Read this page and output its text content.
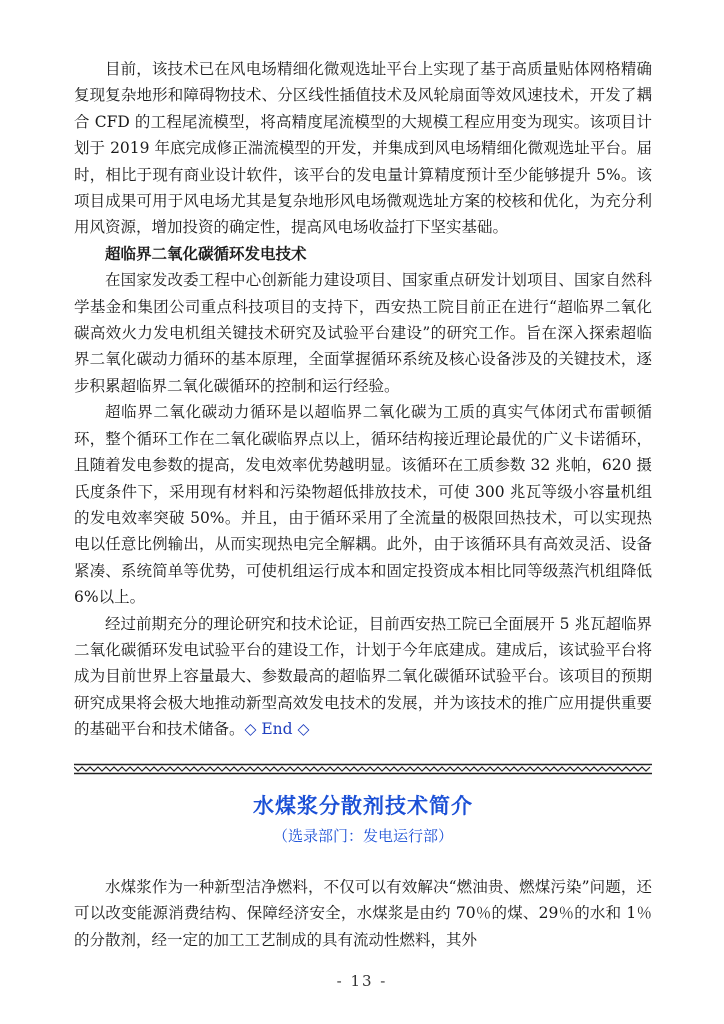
目前，该技术已在风电场精细化微观选址平台上实现了基于高质量贴体网格精确复现复杂地形和障碍物技术、分区线性插值技术及风轮扇面等效风速技术，开发了耦合 CFD 的工程尾流模型，将高精度尾流模型的大规模工程应用变为现实。该项目计划于 2019 年底完成修正湍流模型的开发，并集成到风电场精细化微观选址平台。届时，相比于现有商业设计软件，该平台的发电量计算精度预计至少能够提升 5%。该项目成果可用于风电场尤其是复杂地形风电场微观选址方案的校核和优化，为充分利用风资源，增加投资的确定性，提高风电场收益打下坚实基础。

超临界二氧化碳循环发电技术

在国家发改委工程中心创新能力建设项目、国家重点研发计划项目、国家自然科学基金和集团公司重点科技项目的支持下，西安热工院目前正在进行“超临界二氧化碳高效火力发电机组关键技术研究及试验平台建设”的研究工作。旨在深入探索超临界二氧化碳动力循环的基本原理，全面掌握循环系统及核心设备涉及的关键技术，逐步积累超临界二氧化碳循环的控制和运行经验。

超临界二氧化碳动力循环是以超临界二氧化碳为工质的真实气体闭式布雷顿循环，整个循环工作在二氧化碳临界点以上，循环结构接近理论最优的广义卡诺循环，且随着发电参数的提高，发电效率优势越明显。该循环在工质参数 32 兆帕，620 摄氏度条件下，采用现有材料和污染物超低排放技术，可使 300 兆瓦等级小容量机组的发电效率突破 50%。并且，由于循环采用了全流量的极限回热技术，可以实现热电以任意比例输出，从而实现热电完全解耦。此外，由于该循环具有高效灵活、设备紧凑、系统简单等优势，可使机组运行成本和固定投资成本相比同等级蒸汽机组降低 6%以上。

经过前期充分的理论研究和技术论证，目前西安热工院已全面展开 5 兆瓦超临界二氧化碳循环发电试验平台的建设工作，计划于今年底建成。建成后，该试验平台将成为目前世界上容量最大、参数最高的超临界二氧化碳循环试验平台。该项目的预期研究成果将会极大地推动新型高效发电技术的发展，并为该技术的推广应用提供重要的基础平台和技术储备。◇ End ◇

水煤浆分散剂技术简介
（选录部门：发电运行部）

水煤浆作为一种新型洁净燃料，不仅可以有效解决“燃油贵、燃煤污染”问题，还可以改变能源消费结构、保障经济安全，水煤浆是由约 70％的煤、29％的水和 1％的分散剂，经一定的加工工艺制成的具有流动性燃料，其外

- 13 -
